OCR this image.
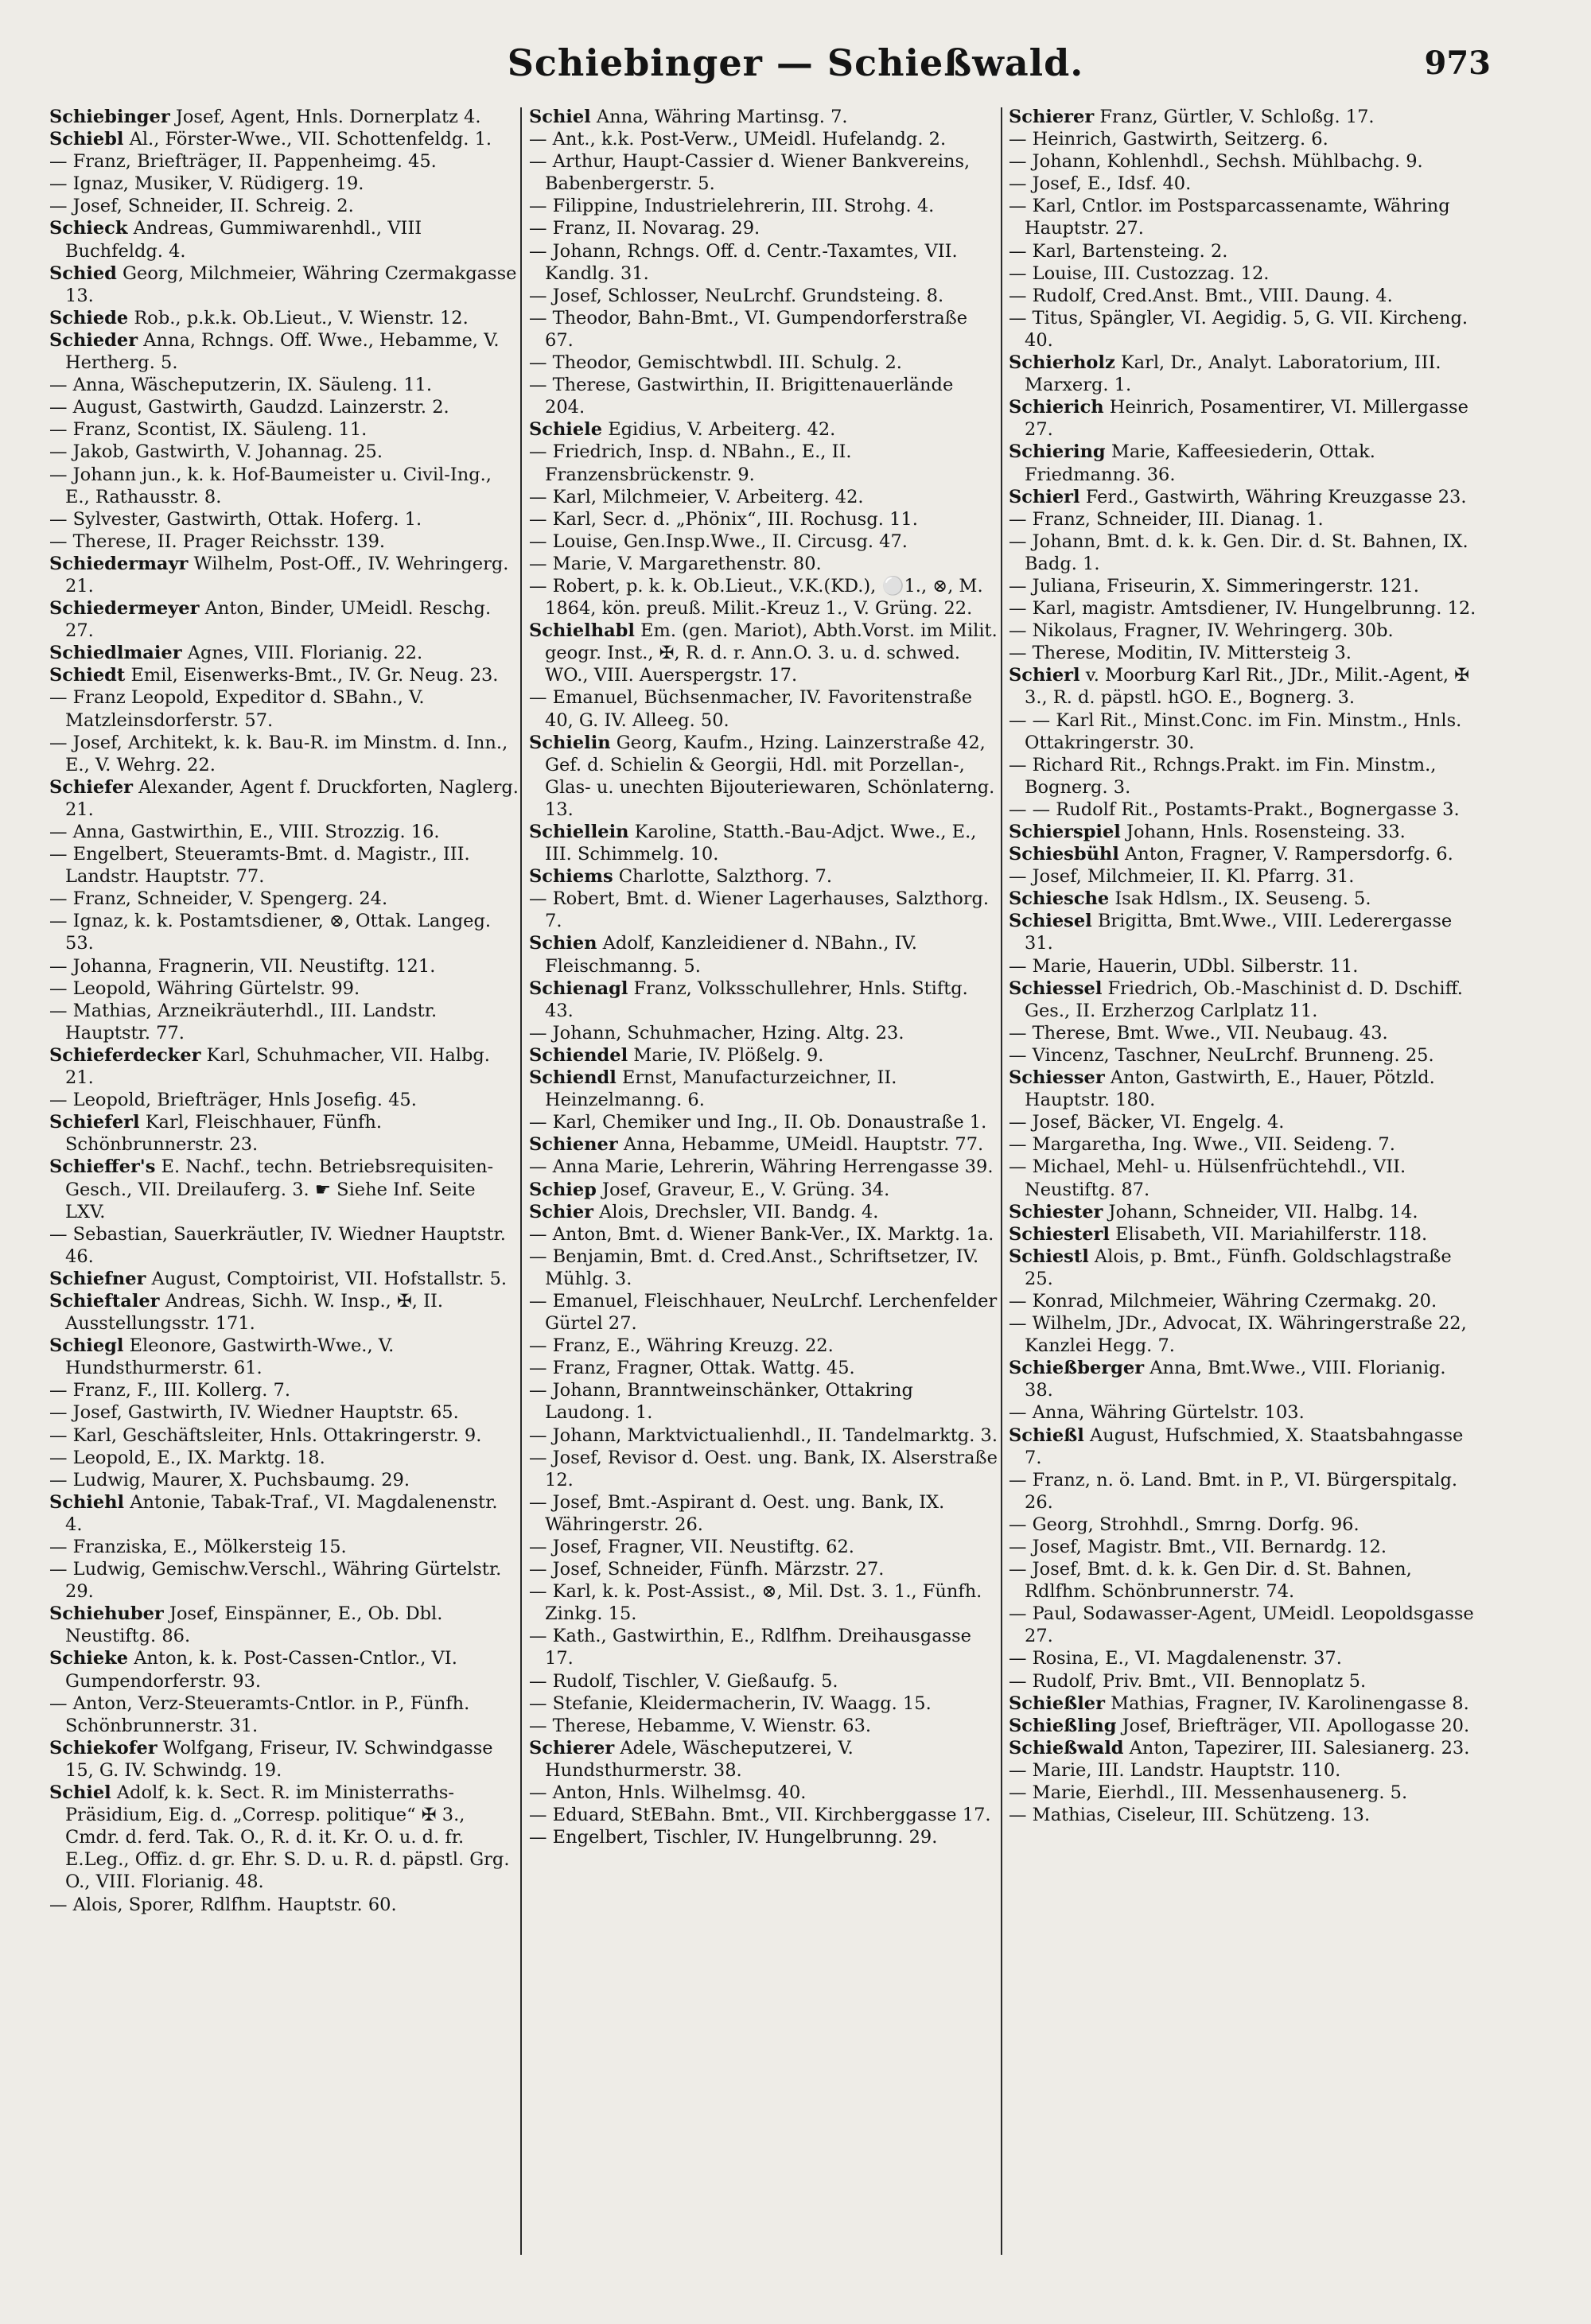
Schiebinger — Schießwald.	973
Schiebinger Josef, Agent, Hnls. Dornerplatz 4.
Schiebl Al., Förster-Wwe., VII. Schottenfeldg. 1.
— Franz, Briefträger, II. Pappenheimg. 45.
— Ignaz, Musiker, V. Rüdigerg. 19.
— Josef, Schneider, II. Schreig. 2.
Schieck Andreas, Gummiwarenhdl., VIII Buchfeldg. 4.
Schied Georg, Milchmeier, Währing Czermakgasse 13.
Schiede Rob., p.k.k. Ob.Lieut., V. Wienstr. 12.
Schieder Anna, Rchngs. Off. Wwe., Hebamme, V. Hertherg. 5.
— Anna, Wäscheputzerin, IX. Säuleng. 11.
— August, Gastwirth, Gaudzd. Lainzerstr. 2.
— Franz, Scontist, IX. Säuleng. 11.
— Jakob, Gastwirth, V. Johannag. 25.
— Johann jun., k. k. Hof-Baumeister u. Civil-Ing., E., Rathausstr. 8.
— Sylvester, Gastwirth, Ottak. Hoferg. 1.
— Therese, II. Prager Reichsstr. 139.
Schiedermayr Wilhelm, Post-Off., IV. Wehringerg. 21.
Schiedermeyer Anton, Binder, UMeidl. Reschg. 27.
Schiedlmaier Agnes, VIII. Florianig. 22.
Schiedt Emil, Eisenwerks-Bmt., IV. Gr. Neug. 23.
— Franz Leopold, Expeditor d. SBahn., V. Matzleinsdorferstr. 57.
— Josef, Architekt, k. k. Bau-R. im Minstm. d. Inn., E., V. Wehrg. 22.
Schiefer Alexander, Agent f. Druckforten, Naglerg. 21.
— Anna, Gastwirthin, E., VIII. Strozzig. 16.
— Engelbert, Steueramts-Bmt. d. Magistr., III. Landstr. Hauptstr. 77.
— Franz, Schneider, V. Spengerg. 24.
— Ignaz, k. k. Postamtsdiener, ⊗, Ottak. Langeg. 53.
— Johanna, Fragnerin, VII. Neustiftg. 121.
— Leopold, Währing Gürtelstr. 99.
— Mathias, Arzneikräuterhdl., III. Landstr. Hauptstr. 77.
Schieferdecker Karl, Schuhmacher, VII. Halbg. 21.
— Leopold, Briefträger, Hnls Josefig. 45.
Schieferl Karl, Fleischhauer, Fünfh. Schönbrunnerstr. 23.
Schieffer's E. Nachf., techn. Betriebsrequisiten-Gesch., VII. Dreilauferg. 3. ☛ Siehe Inf. Seite LXV.
— Sebastian, Sauerkräutler, IV. Wiedner Hauptstr. 46.
Schiefner August, Comptoirist, VII. Hofstallstr. 5.
Schieftaler Andreas, Sichh. W. Insp., ✠, II. Ausstellungsstr. 171.
Schiegl Eleonore, Gastwirth-Wwe., V. Hundsthurmerstr. 61.
— Franz, F., III. Kollerg. 7.
— Josef, Gastwirth, IV. Wiedner Hauptstr. 65.
— Karl, Geschäftsleiter, Hnls. Ottakringerstr. 9.
— Leopold, E., IX. Marktg. 18.
— Ludwig, Maurer, X. Puchsbaumg. 29.
Schiehl Antonie, Tabak-Traf., VI. Magdalenenstr. 4.
— Franziska, E., Mölkersteig 15.
— Ludwig, Gemischw.Verschl., Währing Gürtelstr. 29.
Schiehuber Josef, Einspänner, E., Ob. Dbl. Neustiftg. 86.
Schieke Anton, k. k. Post-Cassen-Cntlor., VI. Gumpendorferstr. 93.
— Anton, Verz-Steueramts-Cntlor. in P., Fünfh. Schönbrunnerstr. 31.
Schiekofer Wolfgang, Friseur, IV. Schwindgasse 15, G. IV. Schwindg. 19.
Schiel Adolf, k. k. Sect. R. im Ministerraths-Präsidium, Eig. d. „Corresp. politique“ ✠ 3., Cmdr. d. ferd. Tak. O., R. d. it. Kr. O. u. d. fr. E.Leg., Offiz. d. gr. Ehr. S. D. u. R. d. päpstl. Grg. O., VIII. Florianig. 48.
— Alois, Sporer, Rdlfhm. Hauptstr. 60.
Schiel Anna, Währing Martinsg. 7.
— Ant., k.k. Post-Verw., UMeidl. Hufelandg. 2.
— Arthur, Haupt-Cassier d. Wiener Bankvereins, Babenbergerstr. 5.
— Filippine, Industrielehrerin, III. Strohg. 4.
— Franz, II. Novarag. 29.
— Johann, Rchngs. Off. d. Centr.-Taxamtes, VII. Kandlg. 31.
— Josef, Schlosser, NeuLrchf. Grundsteing. 8.
— Theodor, Bahn-Bmt., VI. Gumpendorferstraße 67.
— Theodor, Gemischtwbdl. III. Schulg. 2.
— Therese, Gastwirthin, II. Brigittenauerlände 204.
Schiele Egidius, V. Arbeiterg. 42.
— Friedrich, Insp. d. NBahn., E., II. Franzensbrückenstr. 9.
— Karl, Milchmeier, V. Arbeiterg. 42.
— Karl, Secr. d. „Phönix“, III. Rochusg. 11.
— Louise, Gen.Insp.Wwe., II. Circusg. 47.
— Marie, V. Margarethenstr. 80.
— Robert, p. k. k. Ob.Lieut., V.K.(KD.), ⚪1., ⊗, M. 1864, kön. preuß. Milit.-Kreuz 1., V. Grüng. 22.
Schielhabl Em. (gen. Mariot), Abth.Vorst. im Milit. geogr. Inst., ✠, R. d. r. Ann.O. 3. u. d. schwed. WO., VIII. Auerspergstr. 17.
— Emanuel, Büchsenmacher, IV. Favoritenstraße 40, G. IV. Alleeg. 50.
Schielin Georg, Kaufm., Hzing. Lainzerstraße 42, Gef. d. Schielin & Georgii, Hdl. mit Porzellan-, Glas- u. unechten Bijouteriewaren, Schönlaterng. 13.
Schiellein Karoline, Statth.-Bau-Adjct. Wwe., E., III. Schimmelg. 10.
Schiems Charlotte, Salzthorg. 7.
— Robert, Bmt. d. Wiener Lagerhauses, Salzthorg. 7.
Schien Adolf, Kanzleidiener d. NBahn., IV. Fleischmanng. 5.
Schienagl Franz, Volksschullehrer, Hnls. Stiftg. 43.
— Johann, Schuhmacher, Hzing. Altg. 23.
Schiendel Marie, IV. Plößelg. 9.
Schiendl Ernst, Manufacturzeichner, II. Heinzelmanng. 6.
— Karl, Chemiker und Ing., II. Ob. Donaustraße 1.
Schiener Anna, Hebamme, UMeidl. Hauptstr. 77.
— Anna Marie, Lehrerin, Währing Herrengasse 39.
Schiep Josef, Graveur, E., V. Grüng. 34.
Schier Alois, Drechsler, VII. Bandg. 4.
— Anton, Bmt. d. Wiener Bank-Ver., IX. Marktg. 1a.
— Benjamin, Bmt. d. Cred.Anst., Schriftsetzer, IV. Mühlg. 3.
— Emanuel, Fleischhauer, NeuLrchf. Lerchenfelder Gürtel 27.
— Franz, E., Währing Kreuzg. 22.
— Franz, Fragner, Ottak. Wattg. 45.
— Johann, Branntweinschänker, Ottakring Laudong. 1.
— Johann, Marktvictualienhdl., II. Tandelmarktg. 3.
— Josef, Revisor d. Oest. ung. Bank, IX. Alserstraße 12.
— Josef, Bmt.-Aspirant d. Oest. ung. Bank, IX. Währingerstr. 26.
— Josef, Fragner, VII. Neustiftg. 62.
— Josef, Schneider, Fünfh. Märzstr. 27.
— Karl, k. k. Post-Assist., ⊗, Mil. Dst. 3. 1., Fünfh. Zinkg. 15.
— Kath., Gastwirthin, E., Rdlfhm. Dreihausgasse 17.
— Rudolf, Tischler, V. Gießaufg. 5.
— Stefanie, Kleidermacherin, IV. Waagg. 15.
— Therese, Hebamme, V. Wienstr. 63.
Schierer Adele, Wäscheputzerei, V. Hundsthurmerstr. 38.
— Anton, Hnls. Wilhelmsg. 40.
— Eduard, StEBahn. Bmt., VII. Kirchberggasse 17.
— Engelbert, Tischler, IV. Hungelbrunng. 29.
Schierer Franz, Gürtler, V. Schloßg. 17.
— Heinrich, Gastwirth, Seitzerg. 6.
— Johann, Kohlenhdl., Sechsh. Mühlbachg. 9.
— Josef, E., Idsf. 40.
— Karl, Cntlor. im Postsparcassenamte, Währing Hauptstr. 27.
— Karl, Bartensteing. 2.
— Louise, III. Custozzag. 12.
— Rudolf, Cred.Anst. Bmt., VIII. Daung. 4.
— Titus, Spängler, VI. Aegidig. 5, G. VII. Kircheng. 40.
Schierholz Karl, Dr., Analyt. Laboratorium, III. Marxerg. 1.
Schierich Heinrich, Posamentirer, VI. Millergasse 27.
Schiering Marie, Kaffeesiederin, Ottak. Friedmanng. 36.
Schierl Ferd., Gastwirth, Währing Kreuzgasse 23.
— Franz, Schneider, III. Dianag. 1.
— Johann, Bmt. d. k. k. Gen. Dir. d. St. Bahnen, IX. Badg. 1.
— Juliana, Friseurin, X. Simmeringerstr. 121.
— Karl, magistr. Amtsdiener, IV. Hungelbrunng. 12.
— Nikolaus, Fragner, IV. Wehringerg. 30b.
— Therese, Moditin, IV. Mittersteig 3.
Schierl v. Moorburg Karl Rit., JDr., Milit.-Agent, ✠ 3., R. d. päpstl. hGO. E., Bognerg. 3.
— — Karl Rit., Minst.Conc. im Fin. Minstm., Hnls. Ottakringerstr. 30.
— Richard Rit., Rchngs.Prakt. im Fin. Minstm., Bognerg. 3.
— — Rudolf Rit., Postamts-Prakt., Bognergasse 3.
Schierspiel Johann, Hnls. Rosensteing. 33.
Schiesbühl Anton, Fragner, V. Rampersdorfg. 6.
— Josef, Milchmeier, II. Kl. Pfarrg. 31.
Schiesche Isak Hdlsm., IX. Seuseng. 5.
Schiesel Brigitta, Bmt.Wwe., VIII. Lederergasse 31.
— Marie, Hauerin, UDbl. Silberstr. 11.
Schiessel Friedrich, Ob.-Maschinist d. D. Dschiff. Ges., II. Erzherzog Carlplatz 11.
— Therese, Bmt. Wwe., VII. Neubaug. 43.
— Vincenz, Taschner, NeuLrchf. Brunneng. 25.
Schiesser Anton, Gastwirth, E., Hauer, Pötzld. Hauptstr. 180.
— Josef, Bäcker, VI. Engelg. 4.
— Margaretha, Ing. Wwe., VII. Seideng. 7.
— Michael, Mehl- u. Hülsenfrüchtehdl., VII. Neustiftg. 87.
Schiester Johann, Schneider, VII. Halbg. 14.
Schiesterl Elisabeth, VII. Mariahilferstr. 118.
Schiestl Alois, p. Bmt., Fünfh. Goldschlagstraße 25.
— Konrad, Milchmeier, Währing Czermakg. 20.
— Wilhelm, JDr., Advocat, IX. Währingerstraße 22, Kanzlei Hegg. 7.
Schießberger Anna, Bmt.Wwe., VIII. Florianig. 38.
— Anna, Währing Gürtelstr. 103.
Schießl August, Hufschmied, X. Staatsbahngasse 7.
— Franz, n. ö. Land. Bmt. in P., VI. Bürgerspitalg. 26.
— Georg, Strohhdl., Smrng. Dorfg. 96.
— Josef, Magistr. Bmt., VII. Bernardg. 12.
— Josef, Bmt. d. k. k. Gen Dir. d. St. Bahnen, Rdlfhm. Schönbrunnerstr. 74.
— Paul, Sodawasser-Agent, UMeidl. Leopoldsgasse 27.
— Rosina, E., VI. Magdalenenstr. 37.
— Rudolf, Priv. Bmt., VII. Bennoplatz 5.
Schießler Mathias, Fragner, IV. Karolinengasse 8.
Schießling Josef, Briefträger, VII. Apollogasse 20.
Schießwald Anton, Tapezirer, III. Salesianerg. 23.
— Marie, III. Landstr. Hauptstr. 110.
— Marie, Eierhdl., III. Messenhausenerg. 5.
— Mathias, Ciseleur, III. Schützeng. 13.
